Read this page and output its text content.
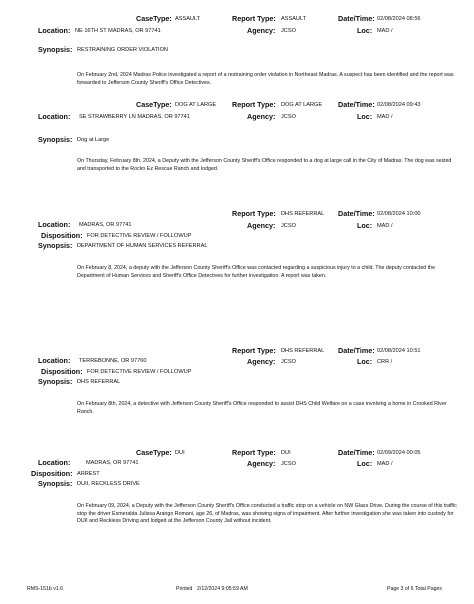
CaseType: ASSAULT	Report Type: ASSAULT	Date/Time: 02/08/2024 08:56
Location: NE 16TH ST MADRAS, OR 97741	Agency: JCSO	Loc: MAD /
Synopsis: RESTRAINING ORDER VIOLATION
On February 2nd, 2024 Madras Police investigated a report of a restraining order violation in Northeast Madras. A suspect has been identified and the report was forwarded to Jefferson County Sheriff's Office Detectives.
CaseType: DOG AT LARGE Report Type: DOG AT LARGE Date/Time: 02/08/2024 09:43
Location: SE STRAWBERRY LN MADRAS, OR 97741	Agency: JCSO	Loc: MAD /
Synopsis: Dog at Large
On Thursday, February 8th, 2024, a Deputy with the Jefferson County Sheriff's Office responded to a dog at large call in the City of Madras. The dog was seized and transported to the Rockn Ez Rescue Ranch and lodged.
Report Type: DHS REFERRAL Date/Time: 02/08/2024 10:00
Location: MADRAS, OR 97741	Agency: JCSO	Loc: MAD /
Disposition: FOR DETECTIVE REVIEW / FOLLOWUP
Synopsis: DEPARTMENT OF HUMAN SERVICES REFERRAL
On February 8, 2024, a deputy with the Jefferson County Sheriff's Office was contacted regarding a suspicious injury to a child. The deputy contacted the Department of Human Services and Sheriff's Office Detectives for further investigation. A report was taken.
Report Type: DHS REFERRAL Date/Time: 02/08/2024 10:51
Location: TERREBONNE, OR 97760	Agency: JCSO	Loc: CRR /
Disposition: FOR DETECTIVE REVIEW / FOLLOWUP
Synopsis: DHS REFERRAL
On February 8th, 2024, a detective with Jefferson County Sheriff's Office responded to assist DHS Child Welfare on a case involving a home in Crooked River Ranch.
CaseType: DUI	Report Type: DUI	Date/Time: 02/09/2024 00:05
Location:	MADRAS, OR 97741	Agency: JCSO	Loc: MAD /
Disposition: ARREST
Synopsis: DUII, RECKLESS DRIVE
On February 09, 2024, a Deputy with the Jefferson County Sheriff's Office conducted a traffic stop on a vehicle on NW Glass Drive. During the course of this traffic stop the driver Esmeralda Julissa Arango Romani, age 26, of Madras, was showing signs of impairment. After further investigation she was taken into custody for DUII and Reckless Driving and lodged at the Jefferson County Jail without incident.
RMS-151b v1.6	Printed 2/12/2024 9:05:59 AM	Page 3 of 6 Total Pages
